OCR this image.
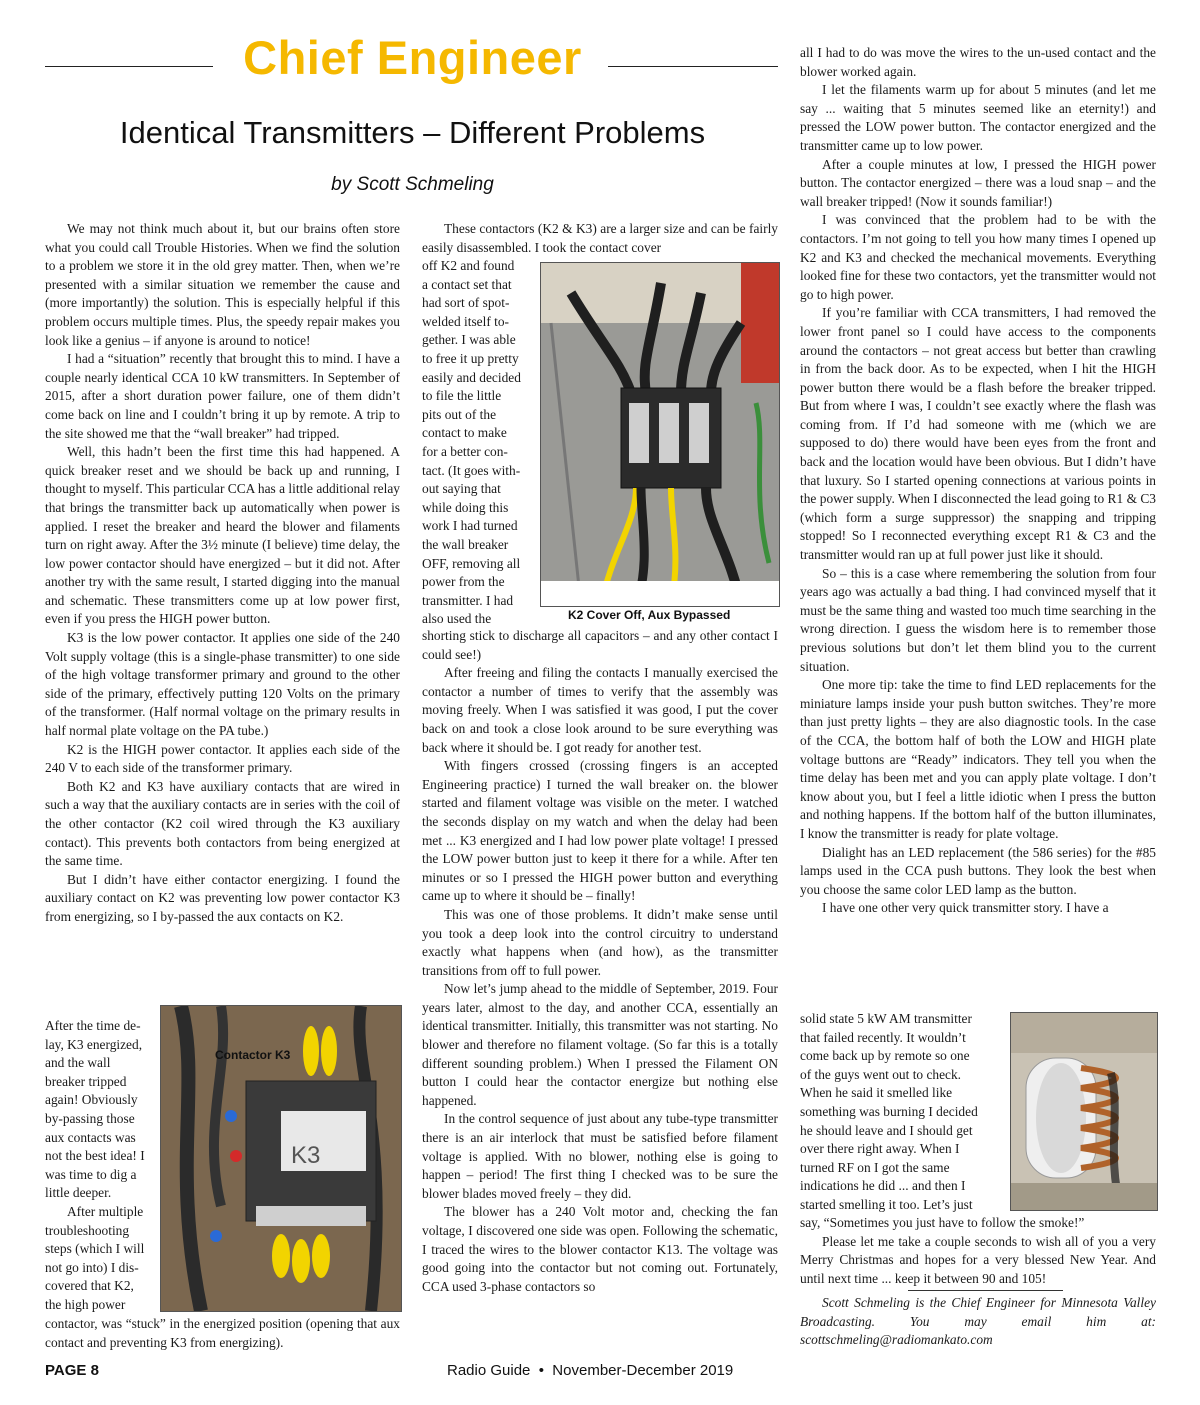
Chief Engineer
Identical Transmitters – Different Problems
by Scott Schmeling

We may not think much about it, but our brains often store what you could call Trouble Histories. When we find the solution to a problem we store it in the old grey matter. Then, when we’re presented with a similar situation we remember the cause and (more importantly) the solution. This is especially helpful if this problem occurs multiple times. Plus, the speedy repair makes you look like a genius – if anyone is around to notice!

I had a “situation” recently that brought this to mind. I have a couple nearly identical CCA 10 kW transmitters. In September of 2015, after a short duration power failure, one of them didn’t come back on line and I couldn’t bring it up by remote. A trip to the site showed me that the “wall breaker” had tripped.

Well, this hadn’t been the first time this had happened. A quick breaker reset and we should be back up and running, I thought to myself. This particular CCA has a little additional relay that brings the transmitter back up automatically when power is applied. I reset the breaker and heard the blower and filaments turn on right away. After the 3½ minute (I believe) time delay, the low power contactor should have energized – but it did not. After another try with the same result, I started digging into the manual and schematic. These transmitters come up at low power first, even if you press the HIGH power button.

K3 is the low power contactor. It applies one side of the 240 Volt supply voltage (this is a single-phase transmitter) to one side of the high voltage transformer primary and ground to the other side of the primary, effectively putting 120 Volts on the primary of the transformer. (Half normal voltage on the primary results in half normal plate voltage on the PA tube.)

K2 is the HIGH power contactor. It applies each side of the 240 V to each side of the transformer primary.

Both K2 and K3 have auxiliary contacts that are wired in such a way that the auxiliary contacts are in series with the coil of the other contactor (K2 coil wired through the K3 auxiliary contact). This prevents both contactors from being energized at the same time.

But I didn’t have either contactor energizing. I found the auxiliary contact on K2 was preventing low power contactor K3 from energizing, so I by-passed the aux contacts on K2.

After the time de-
lay, K3 energized,
and the wall
breaker tripped
again! Obviously
by-passing those
aux contacts was
not the best idea! I
was time to dig a
little deeper.
After multiple
troubleshooting
steps (which I will
not go into) I dis-
covered that K2,
the high power

contactor, was “stuck” in the energized position (opening that aux contact and preventing K3 from energizing).

K3
Contactor K3

These contactors (K2 & K3) are a larger size and can be fairly easily disassembled. I took the contact cover

off K2 and found
a contact set that
had sort of spot-
welded itself to-
gether. I was able
to free it up pretty
easily and decided
to file the little
pits out of the
contact to make
for a better con-
tact. (It goes with-
out saying that
while doing this
work I had turned
the wall breaker
OFF, removing all
power from the
transmitter. I had
also used the	K2 Cover Off, Aux Bypassed

shorting stick to discharge all capacitors – and any other contact I could see!)

After freeing and filing the contacts I manually exercised the contactor a number of times to verify that the assembly was moving freely. When I was satisfied it was good, I put the cover back on and took a close look around to be sure everything was back where it should be. I got ready for another test.

With fingers crossed (crossing fingers is an accepted Engineering practice) I turned the wall breaker on. the blower started and filament voltage was visible on the meter. I watched the seconds display on my watch and when the delay had been met ... K3 energized and I had low power plate voltage! I pressed the LOW power button just to keep it there for a while. After ten minutes or so I pressed the HIGH power button and everything came up to where it should be – finally!

This was one of those problems. It didn’t make sense until you took a deep look into the control circuitry to understand exactly what happens when (and how), as the transmitter transitions from off to full power.

Now let’s jump ahead to the middle of September, 2019. Four years later, almost to the day, and another CCA, essentially an identical transmitter. Initially, this transmitter was not starting. No blower and therefore no filament voltage. (So far this is a totally different sounding problem.) When I pressed the Filament ON button I could hear the contactor energize but nothing else happened.

In the control sequence of just about any tube-type transmitter there is an air interlock that must be satisfied before filament voltage is applied. With no blower, nothing else is going to happen – period! The first thing I checked was to be sure the blower blades moved freely – they did.

The blower has a 240 Volt motor and, checking the fan voltage, I discovered one side was open. Following the schematic, I traced the wires to the blower contactor K13. The voltage was good going into the contactor but not coming out. Fortunately, CCA used 3-phase contactors so

all I had to do was move the wires to the un-used contact and the blower worked again.

I let the filaments warm up for about 5 minutes (and let me say ... waiting that 5 minutes seemed like an eternity!) and pressed the LOW power button. The contactor energized and the transmitter came up to low power.

After a couple minutes at low, I pressed the HIGH power button. The contactor energized – there was a loud snap – and the wall breaker tripped! (Now it sounds familiar!)

I was convinced that the problem had to be with the contactors. I’m not going to tell you how many times I opened up K2 and K3 and checked the mechanical movements. Everything looked fine for these two contactors, yet the transmitter would not go to high power.

If you’re familiar with CCA transmitters, I had removed the lower front panel so I could have access to the components around the contactors – not great access but better than crawling in from the back door. As to be expected, when I hit the HIGH power button there would be a flash before the breaker tripped. But from where I was, I couldn’t see exactly where the flash was coming from. If I’d had someone with me (which we are supposed to do) there would have been eyes from the front and back and the location would have been obvious. But I didn’t have that luxury. So I started opening connections at various points in the power supply. When I disconnected the lead going to R1 & C3 (which form a surge suppressor) the snapping and tripping stopped! So I reconnected everything except R1 & C3 and the transmitter would ran up at full power just like it should.

So – this is a case where remembering the solution from four years ago was actually a bad thing. I had convinced myself that it must be the same thing and wasted too much time searching in the wrong direction. I guess the wisdom here is to remember those previous solutions but don’t let them blind you to the current situation.

One more tip: take the time to find LED replacements for the miniature lamps inside your push button switches. They’re more than just pretty lights – they are also diagnostic tools. In the case of the CCA, the bottom half of both the LOW and HIGH plate voltage buttons are “Ready” indicators. They tell you when the time delay has been met and you can apply plate voltage. I don’t know about you, but I feel a little idiotic when I press the button and nothing happens. If the bottom half of the button illuminates, I know the transmitter is ready for plate voltage.

Dialight has an LED replacement (the 586 series) for the #85 lamps used in the CCA push buttons. They look the best when you choose the same color LED lamp as the button.

I have one other very quick transmitter story. I have a

solid state 5 kW AM transmitter
that failed recently. It wouldn’t
come back up by remote so one
of the guys went out to check.
When he said it smelled like
something was burning I decided
he should leave and I should get
over there right away. When I
turned RF on I got the same
indications he did ... and then I
started smelling it too. Let’s just

say, “Sometimes you just have to follow the smoke!”

Please let me take a couple seconds to wish all of you a very Merry Christmas and hopes for a very blessed New Year. And until next time ... keep it between 90 and 105!

Scott Schmeling is the Chief Engineer for Minnesota Valley Broadcasting. You may email him at: scottschmeling@radiomankato.com

PAGE 8	Radio Guide  •  November-December 2019
